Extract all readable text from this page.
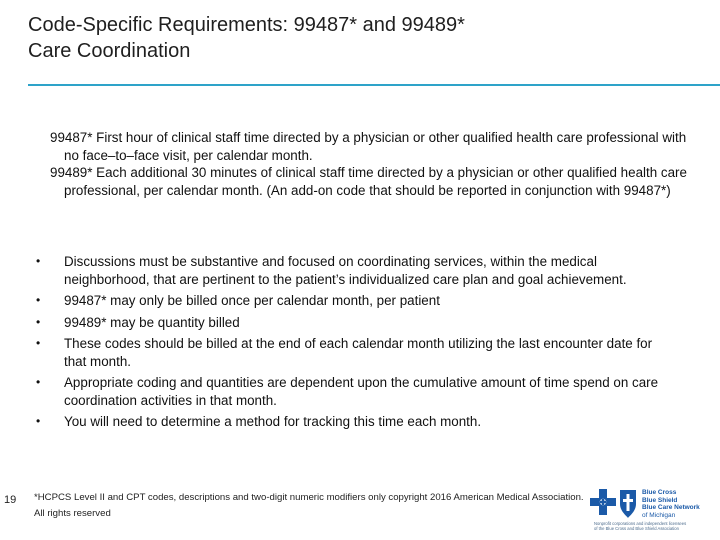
Code-Specific Requirements: 99487* and 99489*
Care Coordination

99487* First hour of clinical staff time directed by a physician or other qualified health care professional with no face–to–face visit, per calendar month.

99489* Each additional 30 minutes of clinical staff time directed by a physician or other qualified health care professional, per calendar month. (An add-on code that should be reported in conjunction with 99487*)

•	Discussions must be substantive and focused on coordinating services, within the medical neighborhood, that are pertinent to the patient’s individualized care plan and goal achievement.
•	99487* may only be billed once per calendar month, per patient
•	99489* may be quantity billed
•	These codes should be billed at the end of each calendar month utilizing the last encounter date for that month.
•	Appropriate coding and quantities are dependent upon the cumulative amount of time spend on care coordination activities in that month.
•	You will need to determine a method for tracking this time each month.
19 *HCPCS Level II and CPT codes, descriptions and two-digit numeric modifiers only copyright 2016 American Medical Association.
All rights reserved
Blue Cross
Blue Shield
Blue Care Network
of Michigan
Nonprofit corporations and independent licensees
of the Blue Cross and Blue Shield Association
